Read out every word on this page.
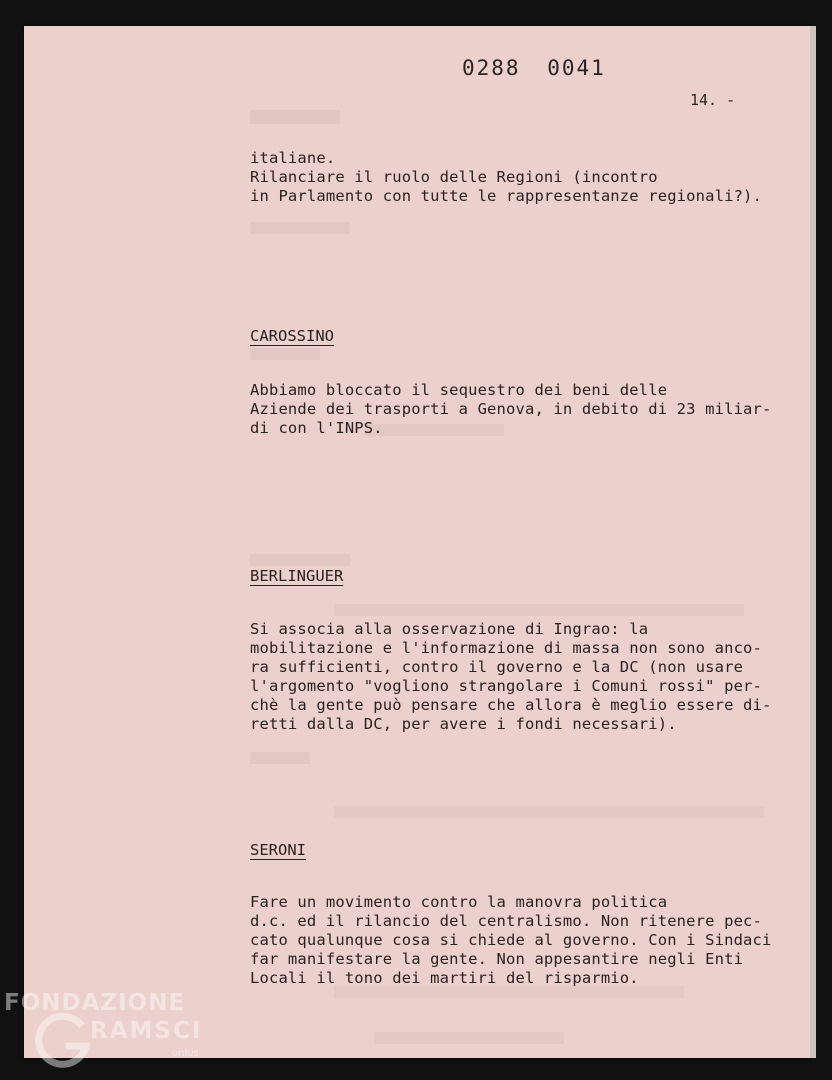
0288 0041
14. -
italiane.
Rilanciare il ruolo delle Regioni (incontro
in Parlamento con tutte le rappresentanze regionali?).
CAROSSINO
Abbiamo bloccato il sequestro dei beni delle
Aziende dei trasporti a Genova, in debito di 23 miliar-
di con l'INPS.
BERLINGUER
Si associa alla osservazione di Ingrao: la
mobilitazione e l'informazione di massa non sono anco-
ra sufficienti, contro il governo e la DC (non usare
l'argomento "vogliono strangolare i Comuni rossi" per-
chè la gente può pensare che allora è meglio essere di-
retti dalla DC, per avere i fondi necessari).
SERONI
Fare un movimento contro la manovra politica
d.c. ed il rilancio del centralismo. Non ritenere pec-
cato qualunque cosa si chiede al governo. Con i Sindaci
far manifestare la gente. Non appesantire negli Enti
Locali il tono dei martiri del risparmio.
FONDAZIONE
RAMSCI
onlus
